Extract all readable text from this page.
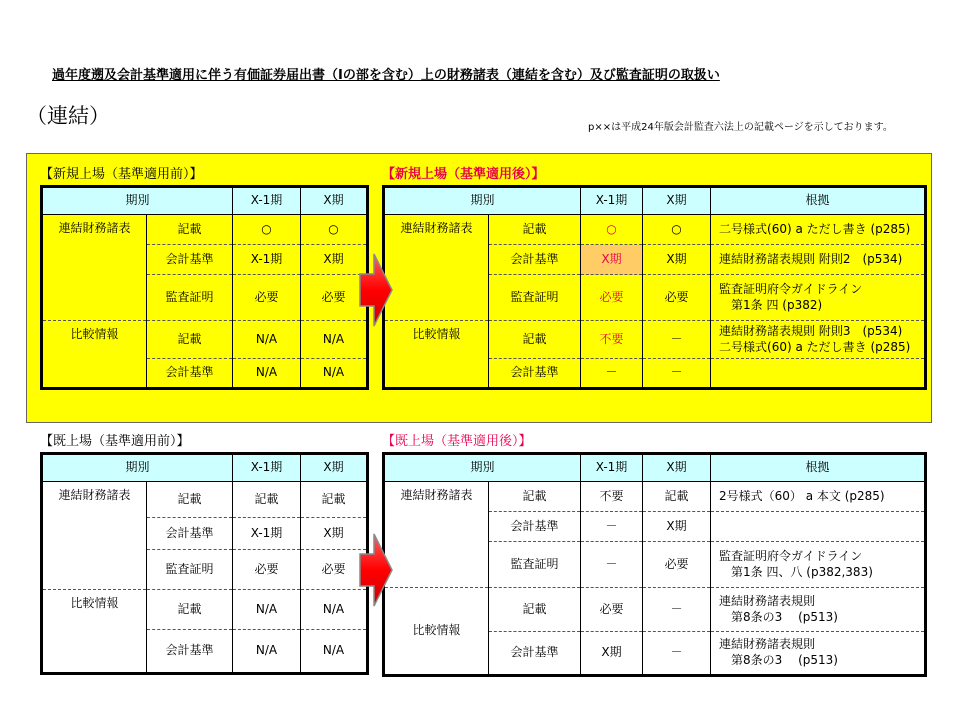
過年度遡及会計基準適用に伴う有価証券届出書（Ⅰの部を含む）上の財務諸表（連結を含む）及び監査証明の取扱い
（連結）	p××は平成24年版会計監査六法上の記載ページを示しております。
【新規上場（基準適用前）】	【新規上場（基準適用後）】
【既上場（基準適用前）】	【既上場（基準適用後）】
期別		X-1期	X期
連結財務諸表	記載	○	○
	会計基準	X-1期	X期
	監査証明	必要	必要
比較情報	記載	N/A	N/A
	会計基準	N/A	N/A
期別		X-1期	X期	根拠
連結財務諸表	記載	○	○	二号様式(60) a ただし書き (p285)
	会計基準	X期	X期	連結財務諸表規則 附則2　(p534)
	監査証明	必要	必要	監査証明府令ガイドライン
　第1条 四 (p382)

比較情報	記載	不要	－	連結財務諸表規則 附則3　(p534)
二号様式(60) a ただし書き (p285)

	会計基準	－	－	
期別		X-1期	X期
連結財務諸表	記載	記載	記載
	会計基準	X-1期	X期
	監査証明	必要	必要
比較情報	記載	N/A	N/A
	会計基準	N/A	N/A
期別		X-1期	X期	根拠
連結財務諸表	記載	不要	記載	2号様式（60） a 本文 (p285)
	会計基準	－	X期	
	監査証明	－	必要	監査証明府令ガイドライン
　第1条 四、八 (p382,383)

比較情報	記載	必要	－	連結財務諸表規則
　第8条の3　 (p513)

	会計基準	X期	－	連結財務諸表規則
　第8条の3　 (p513)
